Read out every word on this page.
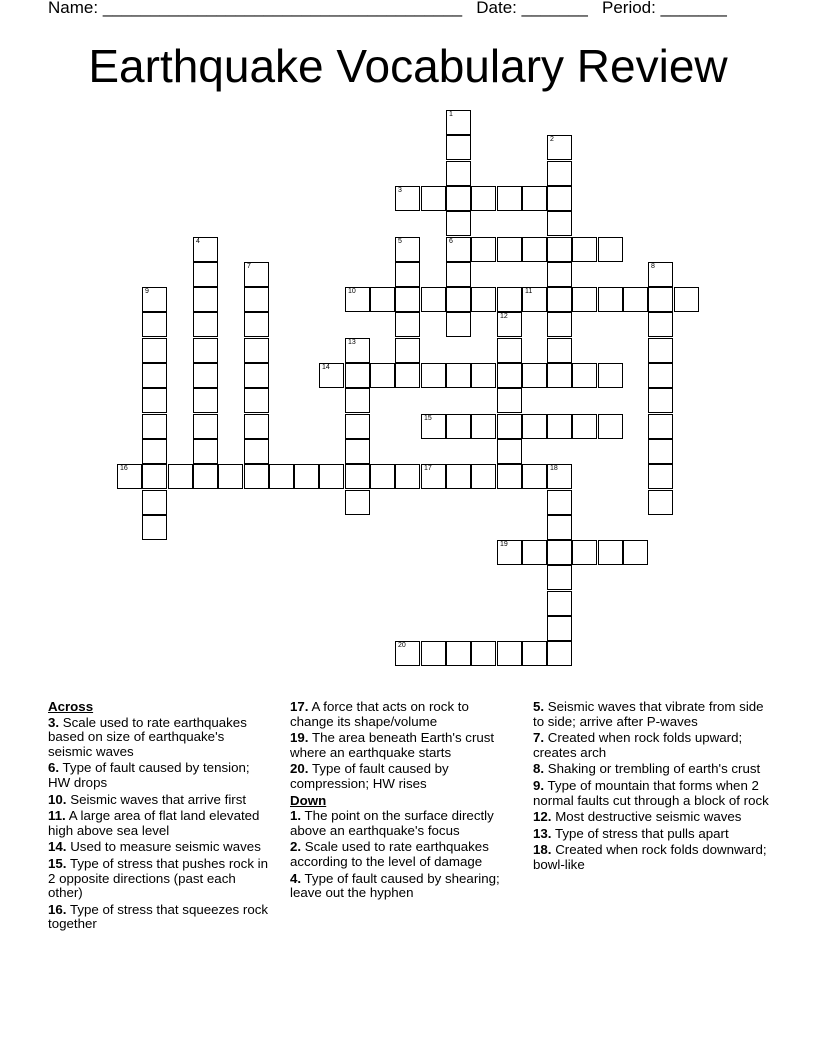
Name: ______________________________________ Date: _______ Period: _______
Earthquake Vocabulary Review
1
6
2
3
4	5
7	8
9	10	11
12
13
14
15
16	17	18
19
20
Across
3. Scale used to rate earthquakes based on size of earthquake's seismic waves
6. Type of fault caused by tension; HW drops
10. Seismic waves that arrive first
11. A large area of flat land elevated high above sea level
14. Used to measure seismic waves
15. Type of stress that pushes rock in 2 opposite directions (past each other)
16. Type of stress that squeezes rock together
17. A force that acts on rock to change its shape/volume
19. The area beneath Earth's crust where an earthquake starts
20. Type of fault caused by compression; HW rises
Down
1. The point on the surface directly above an earthquake's focus
2. Scale used to rate earthquakes according to the level of damage
4. Type of fault caused by shearing; leave out the hyphen
5. Seismic waves that vibrate from side to side; arrive after P-waves
7. Created when rock folds upward; creates arch
8. Shaking or trembling of earth's crust
9. Type of mountain that forms when 2 normal faults cut through a block of rock
12. Most destructive seismic waves
13. Type of stress that pulls apart
18. Created when rock folds downward; bowl-like
